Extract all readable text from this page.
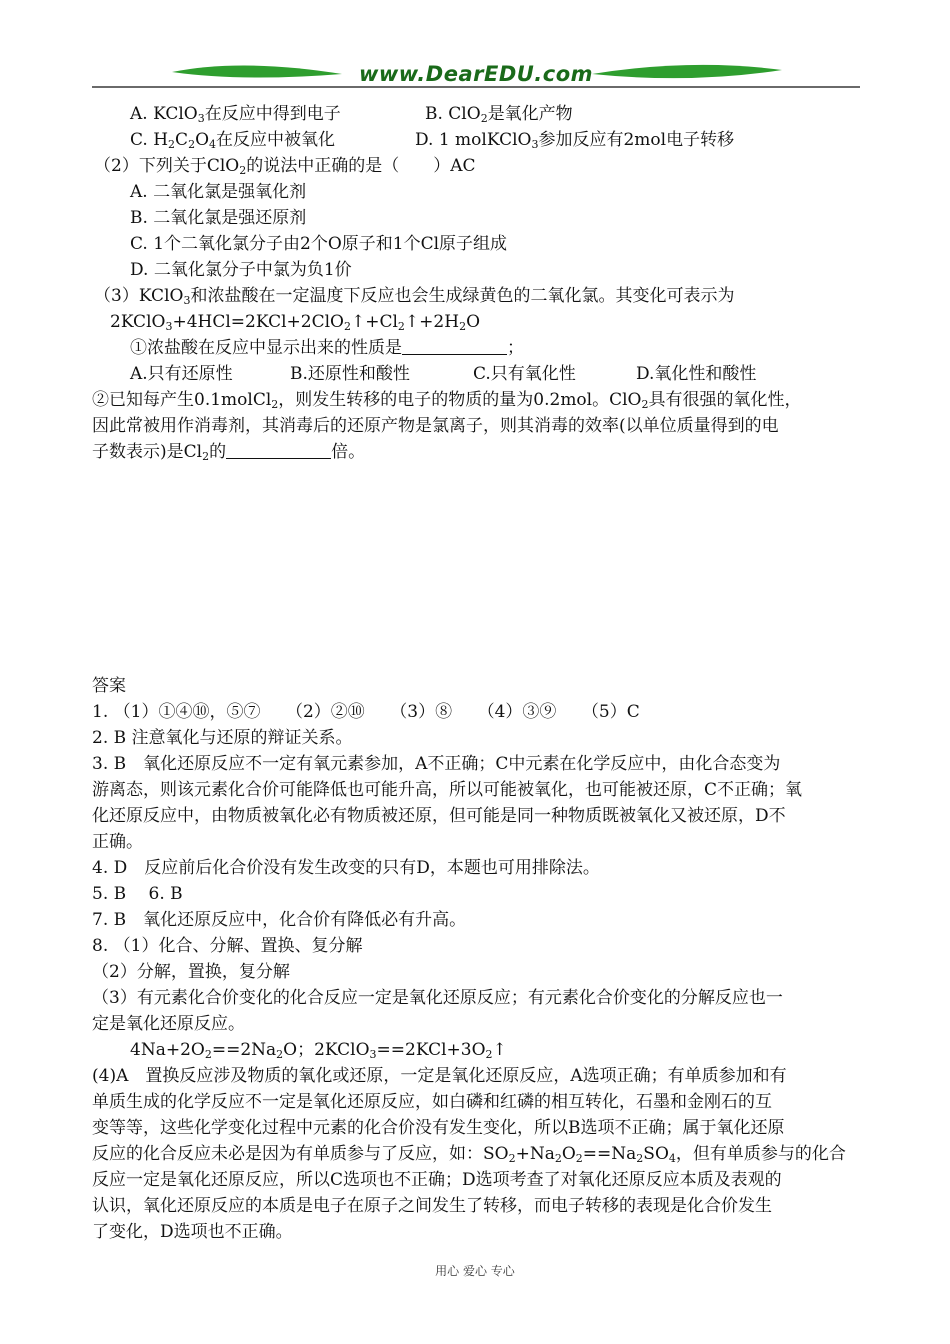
www.DearEDU.com
A. KClO$_3$在反应中得到电子	B. ClO$_2$是氧化产物
C. $H_2C_2O_4$在反应中被氧化	D. 1 molKClO$_3$参加反应有2mol电子转移
（2）下列关于ClO$_2$的说法中正确的是（　　）AC
A. 二氧化氯是强氧化剂
B. 二氧化氯是强还原剂
C. 1个二氧化氯分子由2个O原子和1个Cl原子组成
D. 二氧化氯分子中氯为负1价
（3）KClO$_3$和浓盐酸在一定温度下反应也会生成绿黄色的二氧化氯。其变化可表示为
$2KClO_3+4HCl=2KCl+2ClO_2↑+Cl_2↑+2H_2O$
①浓盐酸在反应中显示出来的性质是	；
A.只有还原性	B.还原性和酸性	C.只有氧化性	D.氧化性和酸性
②已知每产生0.1molCl$_2$，则发生转移的电子的物质的量为0.2mol。ClO$_2$具有很强的氧化性，
因此常被用作消毒剂，其消毒后的还原产物是氯离子，则其消毒的效率(以单位质量得到的电
子数表示)是$Cl_2$的	倍。
答案
1. （1）①④⑩，⑤⑦　　（2）②⑩　　（3）⑧　　（4）③⑨　　（5）C
2. B 注意氧化与还原的辩证关系。
3. B　氧化还原反应不一定有氧元素参加，A不正确；C中元素在化学反应中，由化合态变为
游离态，则该元素化合价可能降低也可能升高，所以可能被氧化，也可能被还原，C不正确；氧
化还原反应中，由物质被氧化必有物质被还原，但可能是同一种物质既被氧化又被还原，D不
正确。
4. D　反应前后化合价没有发生改变的只有D，本题也可用排除法。
5. B　 6. B
7. B　氧化还原反应中，化合价有降低必有升高。
8. （1）化合、分解、置换、复分解
（2）分解，置换，复分解
（3）有元素化合价变化的化合反应一定是氧化还原反应；有元素化合价变化的分解反应也一
定是氧化还原反应。
$4Na+2O_2==2Na_2O$；$2KClO_3==2KCl+3O_2↑$
(4)A　置换反应涉及物质的氧化或还原，一定是氧化还原反应，A选项正确；有单质参加和有
单质生成的化学反应不一定是氧化还原反应，如白磷和红磷的相互转化，石墨和金刚石的互
变等等，这些化学变化过程中元素的化合价没有发生变化，所以B选项不正确；属于氧化还原
反应的化合反应未必是因为有单质参与了反应，如：$SO_2+Na_2O_2==Na_2SO_4$，但有单质参与的化合
反应一定是氧化还原反应，所以C选项也不正确；D选项考查了对氧化还原反应本质及表观的
认识，氧化还原反应的本质是电子在原子之间发生了转移，而电子转移的表现是化合价发生
了变化，D选项也不正确。
用心 爱心 专心
